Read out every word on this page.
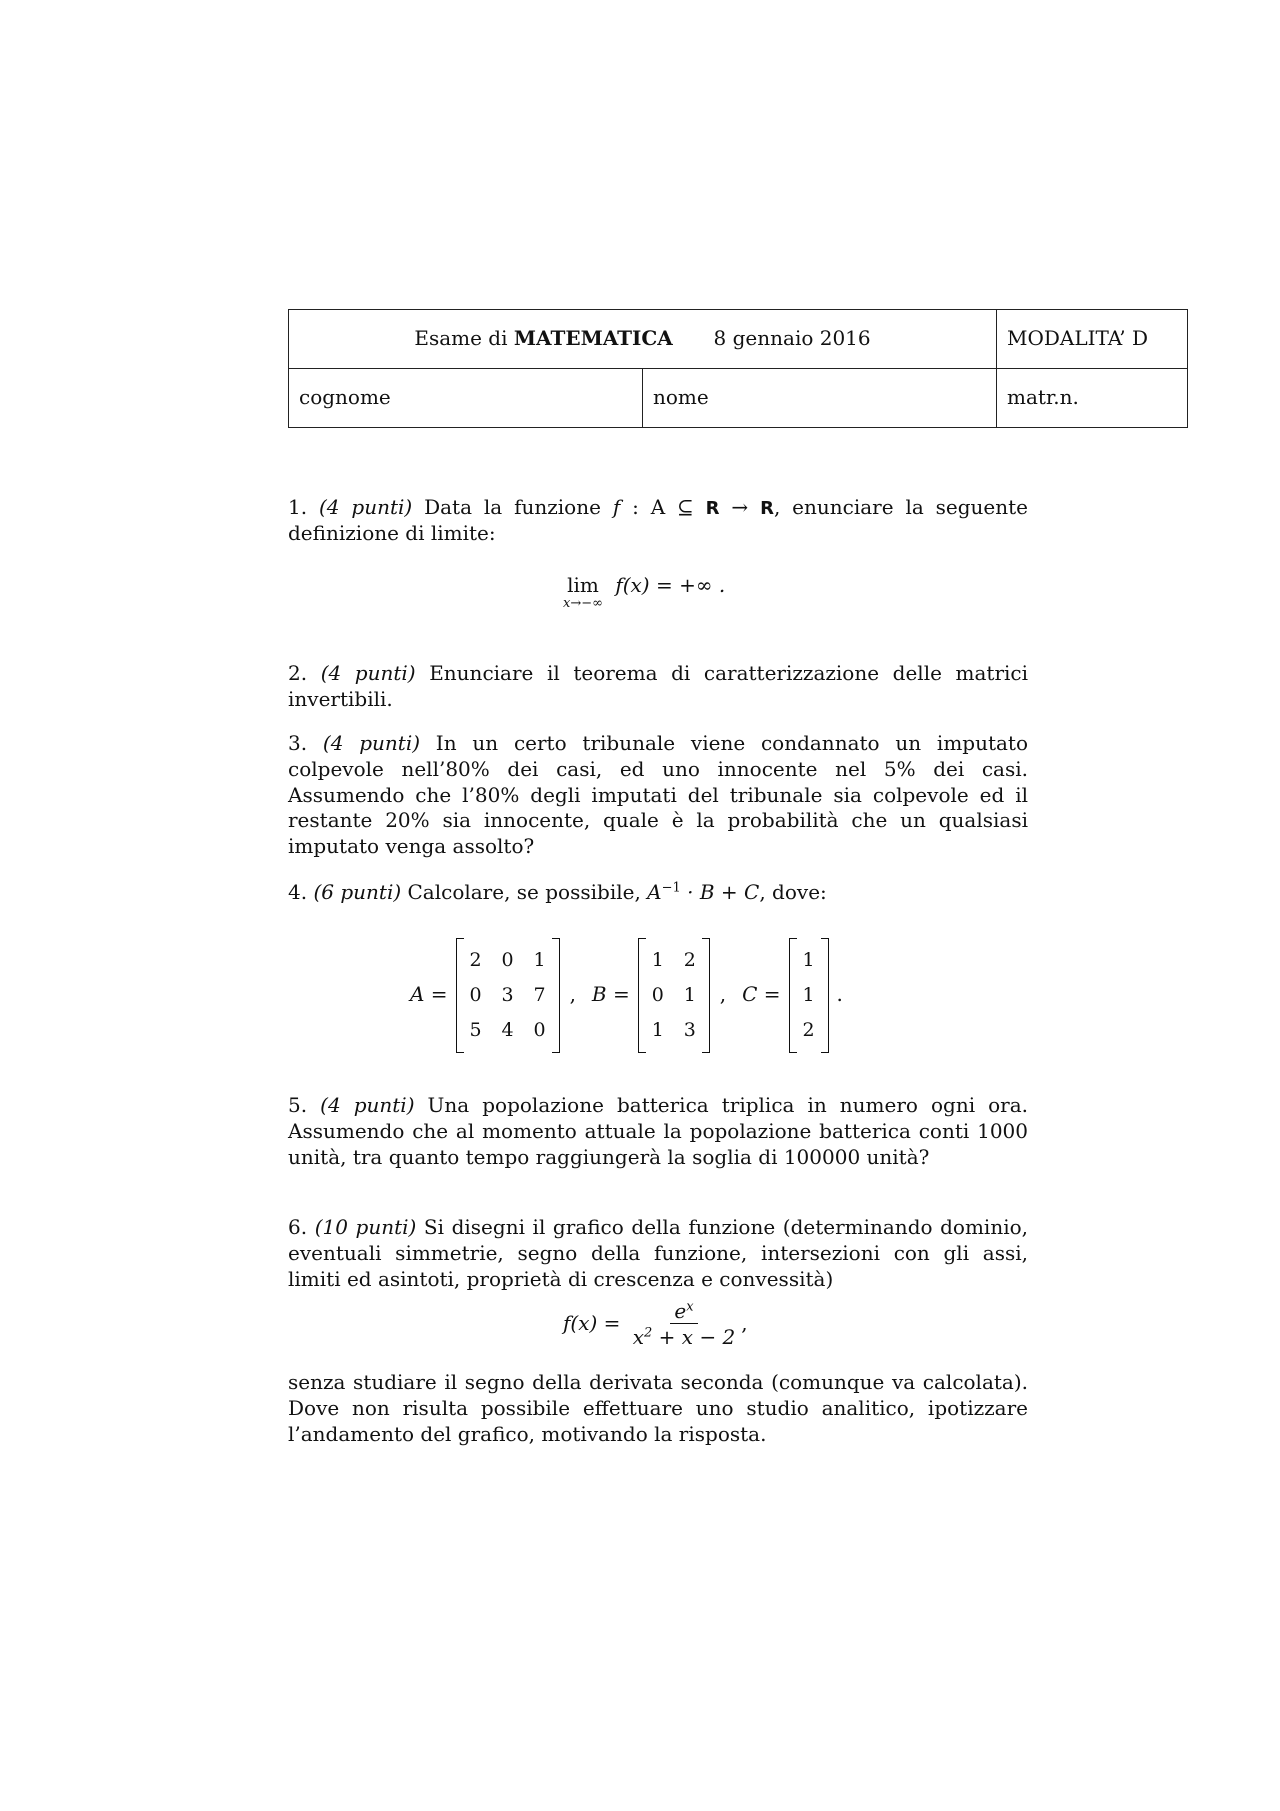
Esame di MATEMATICA 8 gennaio 2016		MODALITA’ D
cognome	nome	matr.n.

1. (4 punti) Data la funzione f : A ⊆ R → R, enunciare la seguente definizione di limite:

lim
x→−∞
f(x) = +∞ .

2. (4 punti) Enunciare il teorema di caratterizzazione delle matrici invertibili.

3. (4 punti) In un certo tribunale viene condannato un imputato colpevole nell’80% dei casi, ed uno innocente nel 5% dei casi. Assumendo che l’80% degli imputati del tribunale sia colpevole ed il restante 20% sia innocente, quale è la probabilità che un qualsiasi imputato venga assolto?

4. (6 punti) Calcolare, se possibile, $A^{-1} \cdot B + C$, dove:

A =
2 0 1
0 3 7
5 4 0
, B =
1 2
0 1
1 3
, C =
1
1
2
.

5. (4 punti) Una popolazione batterica triplica in numero ogni ora. Assumendo che al momento attuale la popolazione batterica conti 1000 unità, tra quanto tempo raggiungerà la soglia di 100000 unità?

6. (10 punti) Si disegni il grafico della funzione (determinando dominio, eventuali simmetrie, segno della funzione, intersezioni con gli assi, limiti ed asintoti, proprietà di crescenza e convessità)

$f(x) = \frac{e^x}{x^2 + x - 2}$ ,

senza studiare il segno della derivata seconda (comunque va calcolata). Dove non risulta possibile effettuare uno studio analitico, ipotizzare l’andamento del grafico, motivando la risposta.
